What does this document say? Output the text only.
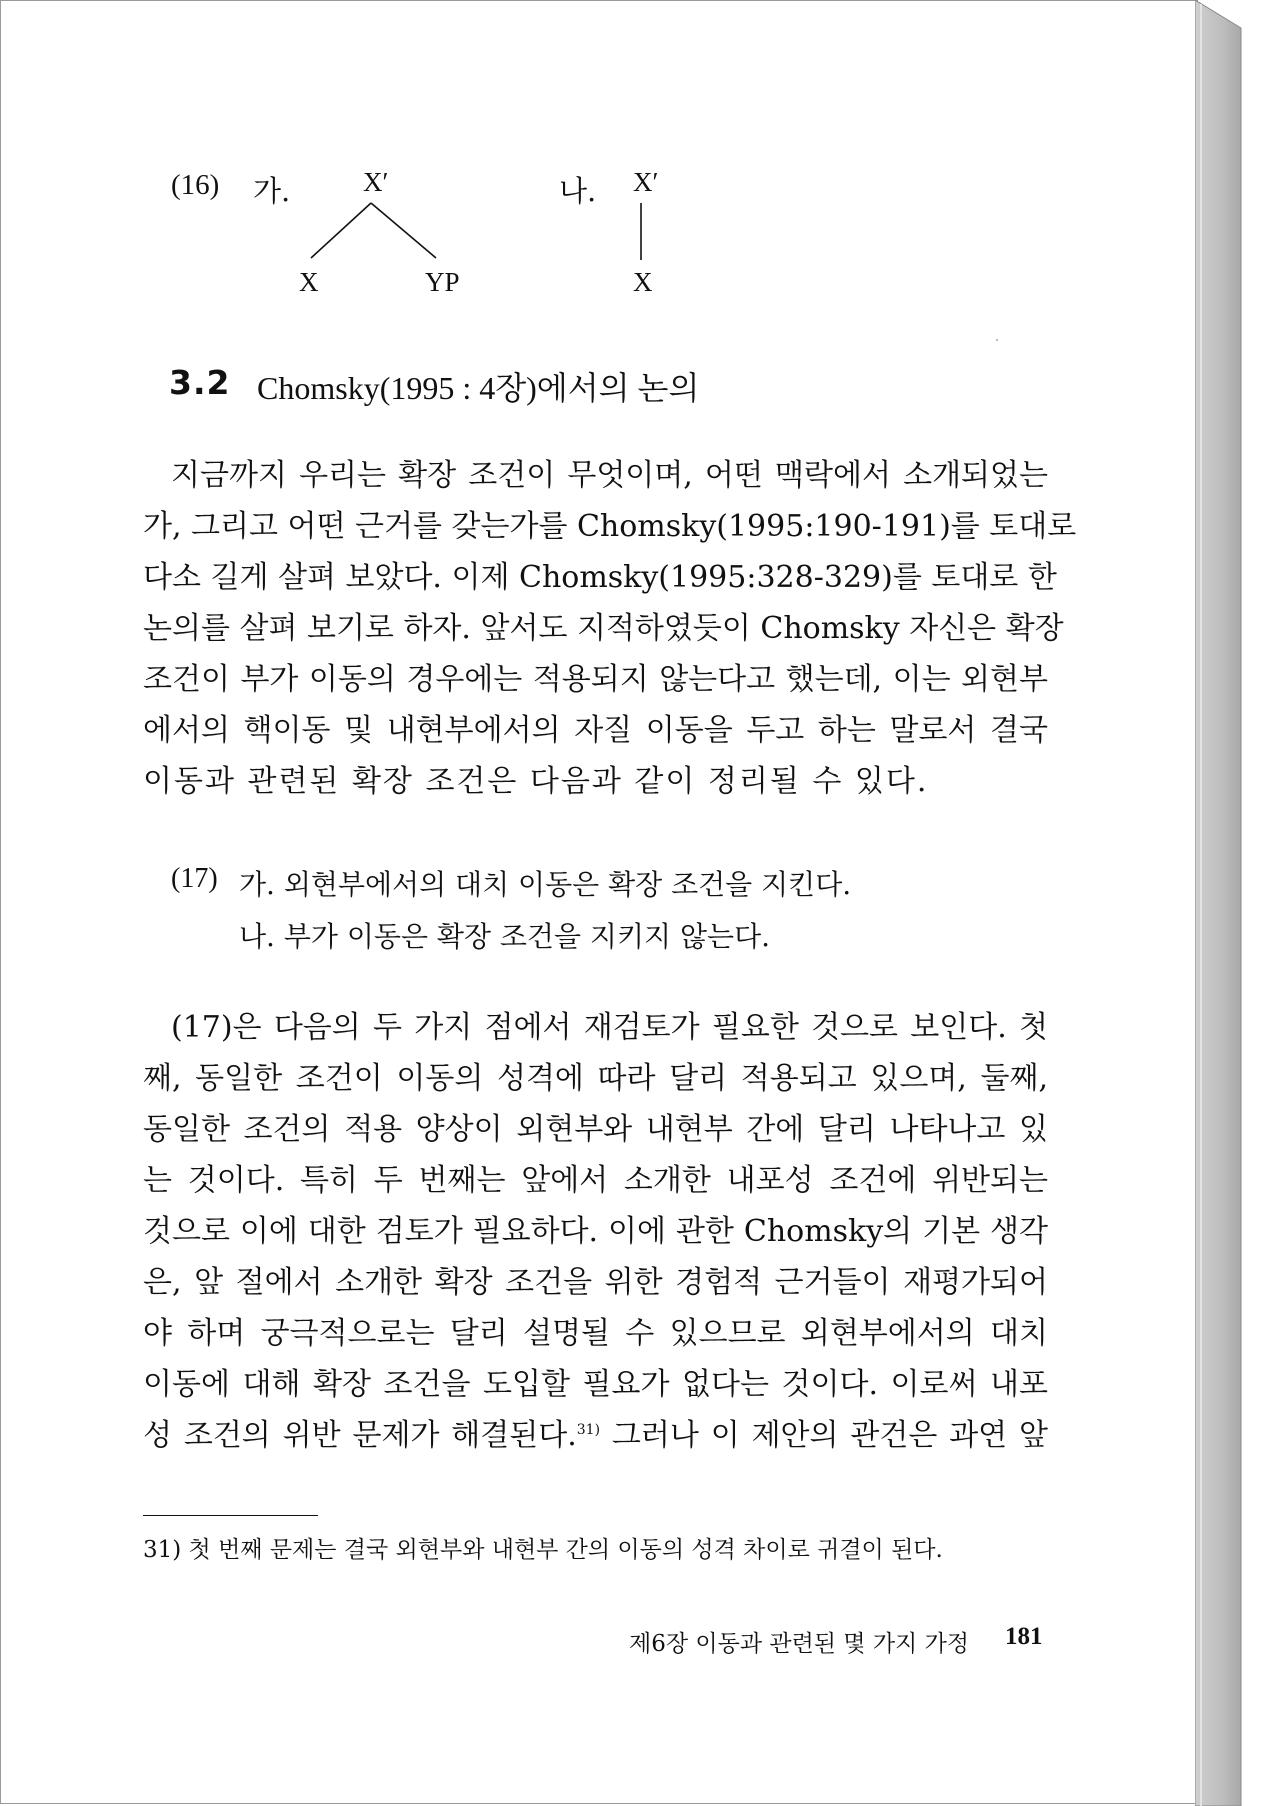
(16) 가.	나.
X′
X	YP
X′
X
3.2 Chomsky(1995 : 4장)에서의 논의
지금까지 우리는 확장 조건이 무엇이며, 어떤 맥락에서 소개되었는
가, 그리고 어떤 근거를 갖는가를 Chomsky(1995:190-191)를 토대로
다소 길게 살펴 보았다. 이제 Chomsky(1995:328-329)를 토대로 한
논의를 살펴 보기로 하자. 앞서도 지적하였듯이 Chomsky 자신은 확장
조건이 부가 이동의 경우에는 적용되지 않는다고 했는데, 이는 외현부
에서의 핵이동 및 내현부에서의 자질 이동을 두고 하는 말로서 결국
이동과 관련된 확장 조건은 다음과 같이 정리될 수 있다.
(17) 가. 외현부에서의 대치 이동은 확장 조건을 지킨다.
나. 부가 이동은 확장 조건을 지키지 않는다.
(17)은 다음의 두 가지 점에서 재검토가 필요한 것으로 보인다. 첫
째, 동일한 조건이 이동의 성격에 따라 달리 적용되고 있으며, 둘째,
동일한 조건의 적용 양상이 외현부와 내현부 간에 달리 나타나고 있
는 것이다. 특히 두 번째는 앞에서 소개한 내포성 조건에 위반되는
것으로 이에 대한 검토가 필요하다. 이에 관한 Chomsky의 기본 생각
은, 앞 절에서 소개한 확장 조건을 위한 경험적 근거들이 재평가되어
야 하며 궁극적으로는 달리 설명될 수 있으므로 외현부에서의 대치
이동에 대해 확장 조건을 도입할 필요가 없다는 것이다. 이로써 내포
성 조건의 위반 문제가 해결된다.$^{31)}$ 그러나 이 제안의 관건은 과연 앞
31) 첫 번째 문제는 결국 외현부와 내현부 간의 이동의 성격 차이로 귀결이 된다.
제6장 이동과 관련된 몇 가지 가정 181
